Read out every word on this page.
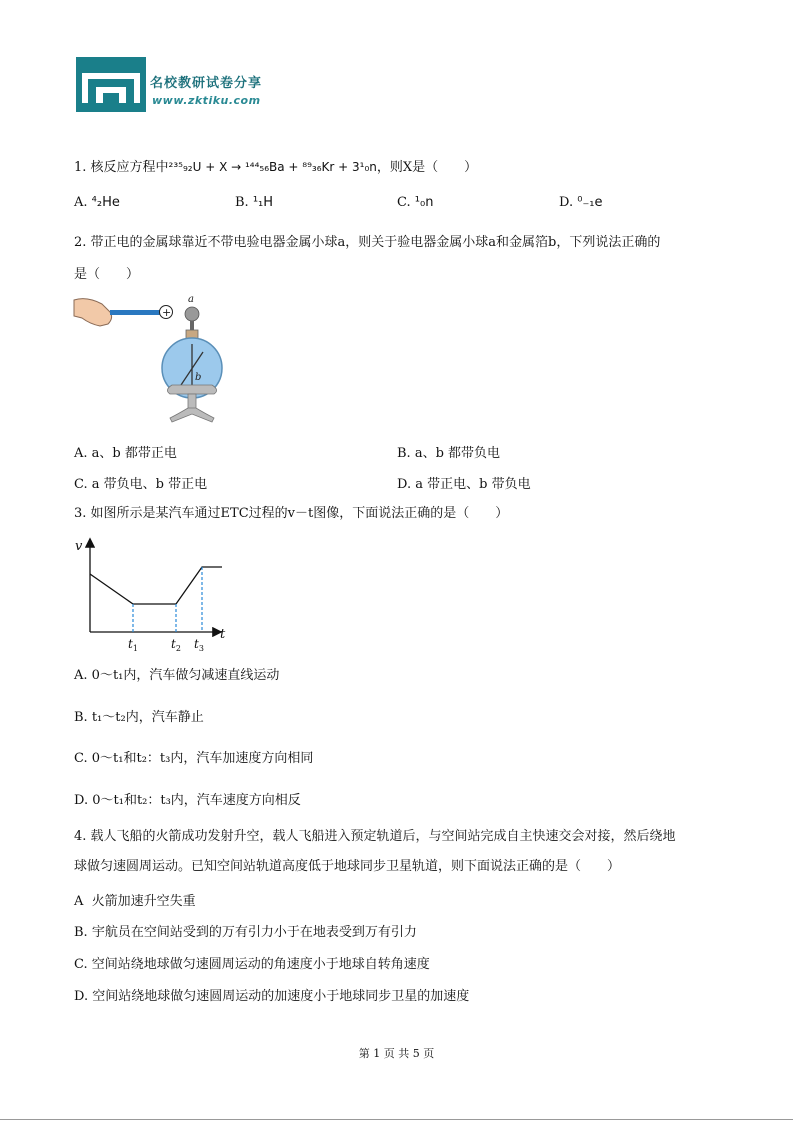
名校教研试卷分享
www.zktiku.com
1. 核反应方程中²³⁵₉₂U + X → ¹⁴⁴₅₆Ba + ⁸⁹₃₆Kr + 3¹₀n，则X是（　　）
A. ⁴₂He	B. ¹₁H	C. ¹₀n	D. ⁰₋₁e
2. 带正电的金属球靠近不带电验电器金属小球a，则关于验电器金属小球a和金属箔b，下列说法正确的
是（　　）
+
a
b
A. a、b 都带正电	B. a、b 都带负电
C. a 带负电、b 带正电	D. a 带正电、b 带负电
3. 如图所示是某汽车通过ETC过程的v－t图像，下面说法正确的是（　　）
v
t
$t_1$	$t_2$ $t_3$
A. 0～t₁内，汽车做匀减速直线运动
B. t₁～t₂内，汽车静止
C. 0～t₁和t₂：t₃内，汽车加速度方向相同
D. 0～t₁和t₂：t₃内，汽车速度方向相反
4. 载人飞船的火箭成功发射升空，载人飞船进入预定轨道后，与空间站完成自主快速交会对接，然后绕地
球做匀速圆周运动。已知空间站轨道高度低于地球同步卫星轨道，则下面说法正确的是（　　）
A 火箭加速升空失重
B. 宇航员在空间站受到的万有引力小于在地表受到万有引力
C. 空间站绕地球做匀速圆周运动的角速度小于地球自转角速度
D. 空间站绕地球做匀速圆周运动的加速度小于地球同步卫星的加速度
第 1 页 共 5 页
